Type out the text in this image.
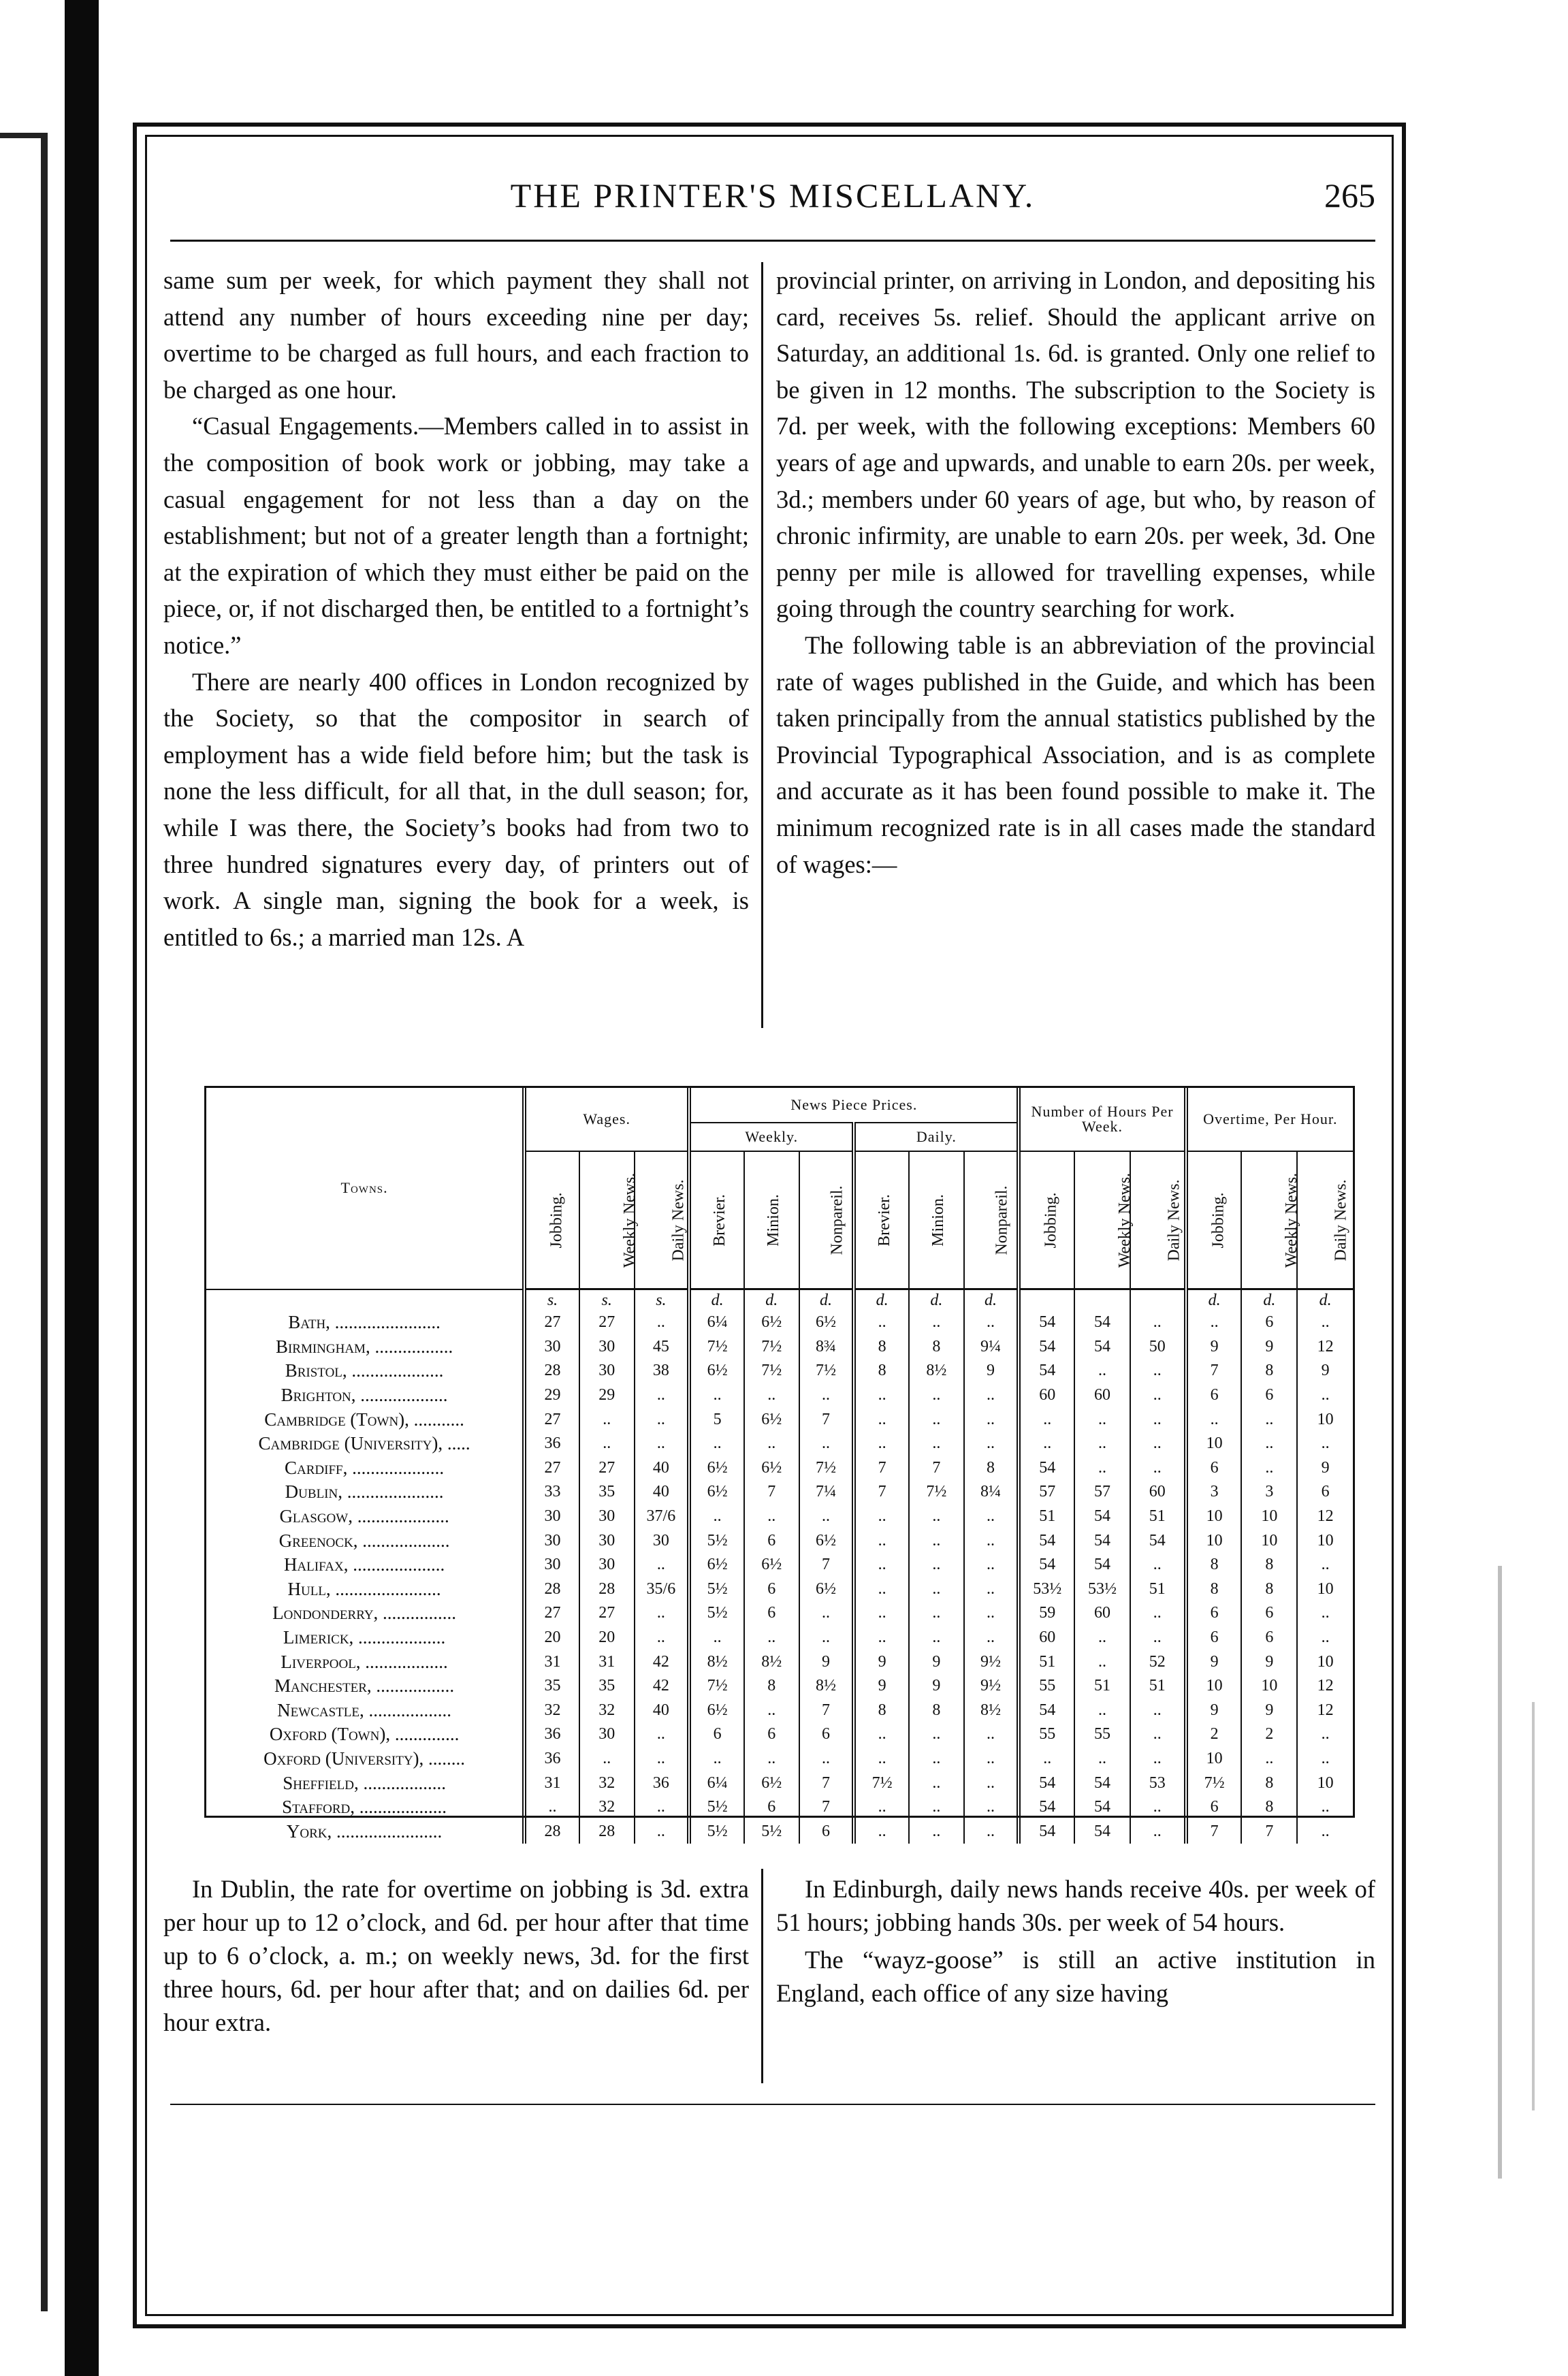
THE PRINTER'S MISCELLANY.	265

same sum per week, for which payment they shall not attend any number of hours exceeding nine per day; overtime to be charged as full hours, and each fraction to be charged as one hour.

“Casual Engagements.—Members called in to assist in the composition of book work or jobbing, may take a casual engagement for not less than a day on the establishment; but not of a greater length than a fortnight; at the expiration of which they must either be paid on the piece, or, if not discharged then, be entitled to a fortnight’s notice.”

There are nearly 400 offices in London recognized by the Society, so that the compositor in search of employment has a wide field before him; but the task is none the less difficult, for all that, in the dull season; for, while I was there, the Society’s books had from two to three hundred signatures every day, of printers out of work. A single man, signing the book for a week, is entitled to 6s.; a married man 12s. A

provincial printer, on arriving in London, and depositing his card, receives 5s. relief. Should the applicant arrive on Saturday, an additional 1s. 6d. is granted. Only one relief to be given in 12 months. The subscription to the Society is 7d. per week, with the following exceptions: Members 60 years of age and upwards, and unable to earn 20s. per week, 3d.; members under 60 years of age, but who, by reason of chronic infirmity, are unable to earn 20s. per week, 3d. One penny per mile is allowed for travelling expenses, while going through the country searching for work.

The following table is an abbreviation of the provincial rate of wages published in the Guide, and which has been taken principally from the annual statistics published by the Provincial Typographical Association, and is as complete and accurate as it has been found possible to make it. The minimum recognized rate is in all cases made the standard of wages:—

Towns.	Wages.			News Piece Prices.						Number of Hours Per Week.			Overtime, Per Hour.		
				Weekly.			Daily.								
	Jobbing.	Weekly News.	Daily News.	Brevier.	Minion.	Nonpareil.	Brevier.	Minion.	Nonpareil.	Jobbing.	Weekly News.	Daily News.	Jobbing.	Weekly News.	Daily News.
	s.	s.	s.	d.	d.	d.	d.	d.	d.				d.	d.	d.
Bath, .......................	27	27	..	6¼	6½	6½	..	..	..	54	54	..	..	6	..
Birmingham, .................	30	30	45	7½	7½	8¾	8	8	9¼	54	54	50	9	9	12
Bristol, ....................	28	30	38	6½	7½	7½	8	8½	9	54	..	..	7	8	9
Brighton, ...................	29	29	..	..	..	..	..	..	..	60	60	..	6	6	..
Cambridge (Town), ...........	27	..	..	5	6½	7	..	..	..	..	..	..	..	..	10
Cambridge (University), .....	36	..	..	..	..	..	..	..	..	..	..	..	10	..	..
Cardiff, ....................	27	27	40	6½	6½	7½	7	7	8	54	..	..	6	..	9
Dublin, .....................	33	35	40	6½	7	7¼	7	7½	8¼	57	57	60	3	3	6
Glasgow, ....................	30	30	37/6	..	..	..	..	..	..	51	54	51	10	10	12
Greenock, ...................	30	30	30	5½	6	6½	..	..	..	54	54	54	10	10	10
Halifax, ....................	30	30	..	6½	6½	7	..	..	..	54	54	..	8	8	..
Hull, .......................	28	28	35/6	5½	6	6½	..	..	..	53½	53½	51	8	8	10
Londonderry, ................	27	27	..	5½	6	..	..	..	..	59	60	..	6	6	..
Limerick, ...................	20	20	..	..	..	..	..	..	..	60	..	..	6	6	..
Liverpool, ..................	31	31	42	8½	8½	9	9	9	9½	51	..	52	9	9	10
Manchester, .................	35	35	42	7½	8	8½	9	9	9½	55	51	51	10	10	12
Newcastle, ..................	32	32	40	6½	..	7	8	8	8½	54	..	..	9	9	12
Oxford (Town), ..............	36	30	..	6	6	6	..	..	..	55	55	..	2	2	..
Oxford (University), ........	36	..	..	..	..	..	..	..	..	..	..	..	10	..	..
Sheffield, ..................	31	32	36	6¼	6½	7	7½	..	..	54	54	53	7½	8	10
Stafford, ...................	..	32	..	5½	6	7	..	..	..	54	54	..	6	8	..
York, .......................	28	28	..	5½	5½	6	..	..	..	54	54	..	7	7	..

In Dublin, the rate for overtime on jobbing is 3d. extra per hour up to 12 o’clock, and 6d. per hour after that time up to 6 o’clock, a. m.; on weekly news, 3d. for the first three hours, 6d. per hour after that; and on dailies 6d. per hour extra.

In Edinburgh, daily news hands receive 40s. per week of 51 hours; jobbing hands 30s. per week of 54 hours.

The “wayz-goose” is still an active institution in England, each office of any size having
